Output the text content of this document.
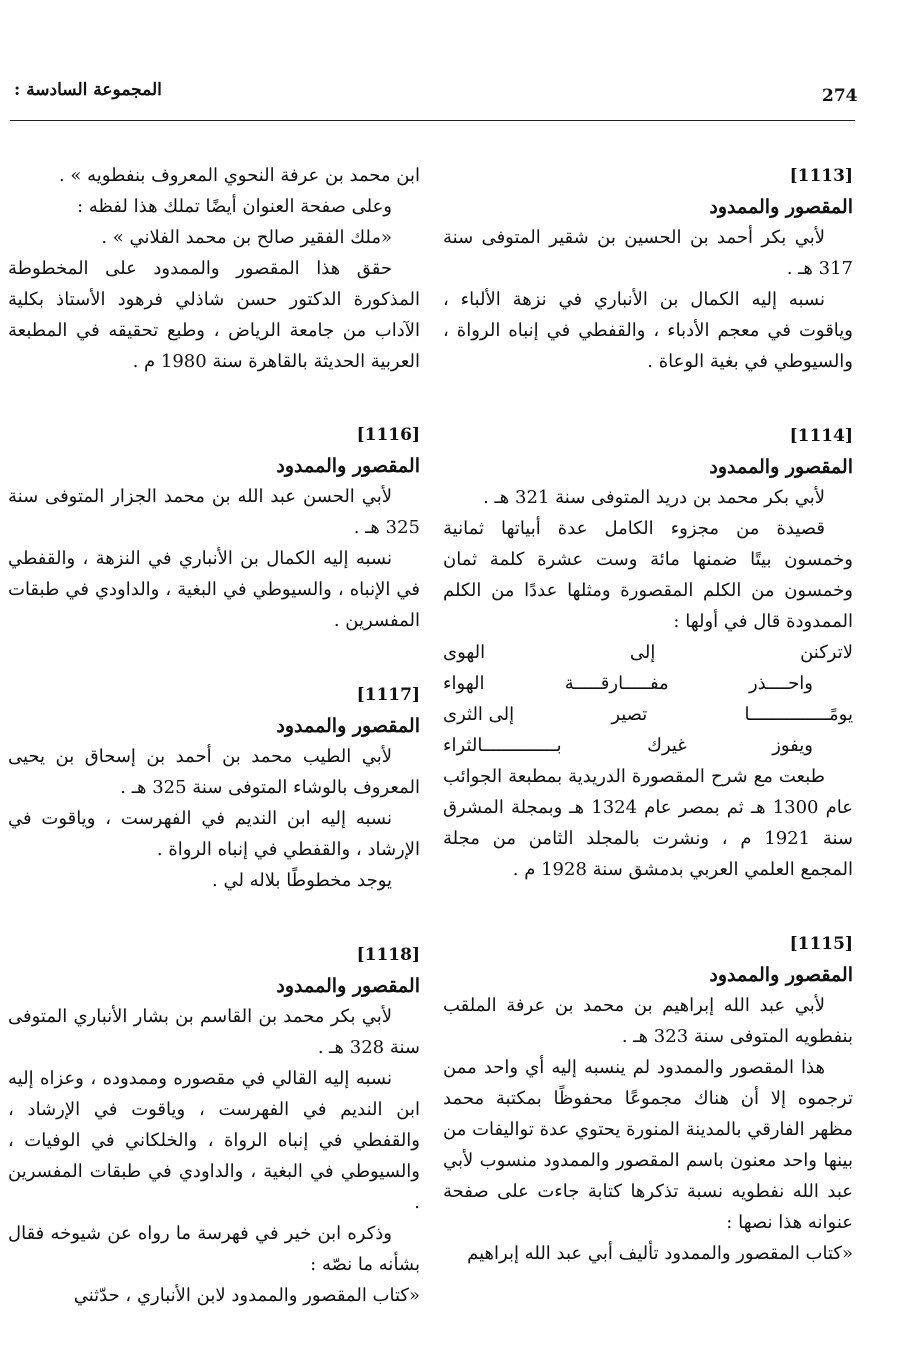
274
المجموعة السادسة :
[1113]
المقصور والممدود

لأبي بكر أحمد بن الحسين بن شقير المتوفى سنة 317 هـ .

نسبه إليه الكمال بن الأنباري في نزهة الألباء ، وياقوت في معجم الأدباء ، والقفطي في إنباه الرواة ، والسيوطي في بغية الوعاة .

[1114]
المقصور والممدود

لأبي بكر محمد بن دريد المتوفى سنة 321 هـ .

قصيدة من مجزوء الكامل عدة أبياتها ثمانية وخمسون بيتًا ضمنها مائة وست عشرة كلمة ثمان وخمسون من الكلم المقصورة ومثلها عددًا من الكلم الممدودة قال في أولها :

لاتركنن
إلى
الهوى
واحــــذر
مفـــــارقـــــة
الهواء
يومًـــــــــــــــا
تصير
إلى الثرى
ويفوز
غيرك
بــــــــــــــالثراء

طبعت مع شرح المقصورة الدريدية بمطبعة الجوائب عام 1300 هـ ثم بمصر عام 1324 هـ وبمجلة المشرق سنة 1921 م ، ونشرت بالمجلد الثامن من مجلة المجمع العلمي العربي بدمشق سنة 1928 م .

[1115]
المقصور والممدود

لأبي عبد الله إبراهيم بن محمد بن عرفة الملقب بنفطويه المتوفى سنة 323 هـ .

هذا المقصور والممدود لم ينسبه إليه أي واحد ممن ترجموه إلا أن هناك مجموعًا محفوظًا بمكتبة محمد مظهر الفارقي بالمدينة المنورة يحتوي عدة تواليفات من بينها واحد معنون باسم المقصور والممدود منسوب لأبي عبد الله نفطويه نسبة تذكرها كتابة جاءت على صفحة عنوانه هذا نصها :

«كتاب المقصور والممدود تأليف أبي عبد الله إبراهيم

ابن محمد بن عرفة النحوي المعروف بنفطويه » .

وعلى صفحة العنوان أيضًا تملك هذا لفظه :

«ملك الفقير صالح بن محمد الفلاني » .

حقق هذا المقصور والممدود على المخطوطة المذكورة الدكتور حسن شاذلي فرهود الأستاذ بكلية الآداب من جامعة الرياض ، وطبع تحقيقه في المطبعة العربية الحديثة بالقاهرة سنة 1980 م .

[1116]
المقصور والممدود

لأبي الحسن عبد الله بن محمد الجزار المتوفى سنة 325 هـ .

نسبه إليه الكمال بن الأنباري في النزهة ، والقفطي في الإنباه ، والسيوطي في البغية ، والداودي في طبقات المفسرين .

[1117]
المقصور والممدود

لأبي الطيب محمد بن أحمد بن إسحاق بن يحيى المعروف بالوشاء المتوفى سنة 325 هـ .

نسبه إليه ابن النديم في الفهرست ، وياقوت في الإرشاد ، والقفطي في إنباه الرواة .

يوجد مخطوطًا بلاله لي .

[1118]
المقصور والممدود

لأبي بكر محمد بن القاسم بن بشار الأنباري المتوفى سنة 328 هـ .

نسبه إليه القالي في مقصوره وممدوده ، وعزاه إليه ابن النديم في الفهرست ، وياقوت في الإرشاد ، والقفطي في إنباه الرواة ، والخلكاني في الوفيات ، والسيوطي في البغية ، والداودي في طبقات المفسرين .

وذكره ابن خير في فهرسة ما رواه عن شيوخه فقال بشأنه ما نصّه :

«كتاب المقصور والممدود لابن الأنباري ، حدّثني
